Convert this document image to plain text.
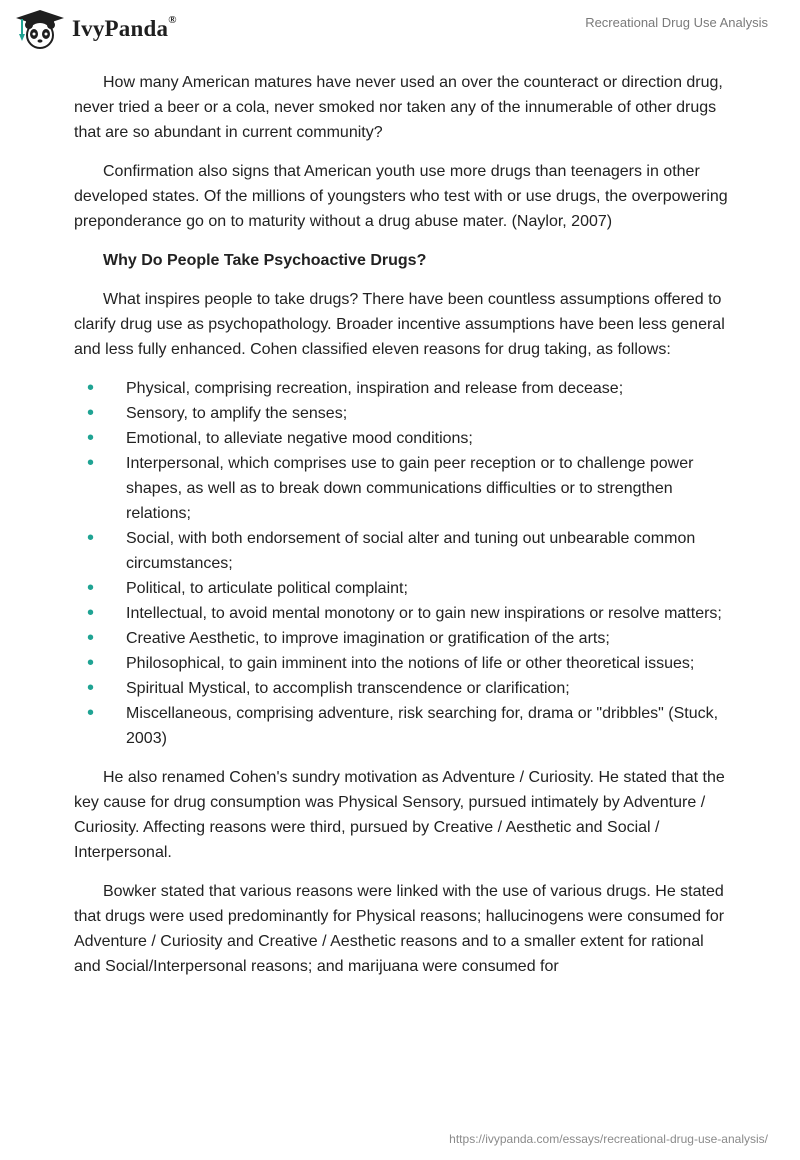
IvyPanda®	Recreational Drug Use Analysis

How many American matures have never used an over the counteract or direction drug, never tried a beer or a cola, never smoked nor taken any of the innumerable of other drugs that are so abundant in current community?

Confirmation also signs that American youth use more drugs than teenagers in other developed states. Of the millions of youngsters who test with or use drugs, the overpowering preponderance go on to maturity without a drug abuse mater. (Naylor, 2007)

Why Do People Take Psychoactive Drugs?

What inspires people to take drugs? There have been countless assumptions offered to clarify drug use as psychopathology. Broader incentive assumptions have been less general and less fully enhanced. Cohen classified eleven reasons for drug taking, as follows:

• Physical, comprising recreation, inspiration and release from decease;
• Sensory, to amplify the senses;
• Emotional, to alleviate negative mood conditions;
• Interpersonal, which comprises use to gain peer reception or to challenge power shapes, as well as to break down communications difficulties or to strengthen relations;
• Social, with both endorsement of social alter and tuning out unbearable common circumstances;
• Political, to articulate political complaint;
• Intellectual, to avoid mental monotony or to gain new inspirations or resolve matters;
• Creative Aesthetic, to improve imagination or gratification of the arts;
• Philosophical, to gain imminent into the notions of life or other theoretical issues;
• Spiritual Mystical, to accomplish transcendence or clarification;
• Miscellaneous, comprising adventure, risk searching for, drama or "dribbles" (Stuck, 2003)

He also renamed Cohen's sundry motivation as Adventure / Curiosity. He stated that the key cause for drug consumption was Physical Sensory, pursued intimately by Adventure / Curiosity. Affecting reasons were third, pursued by Creative / Aesthetic and Social / Interpersonal.

Bowker stated that various reasons were linked with the use of various drugs. He stated that drugs were used predominantly for Physical reasons; hallucinogens were consumed for Adventure / Curiosity and Creative / Aesthetic reasons and to a smaller extent for rational and Social/Interpersonal reasons; and marijuana were consumed for

https://ivypanda.com/essays/recreational-drug-use-analysis/
